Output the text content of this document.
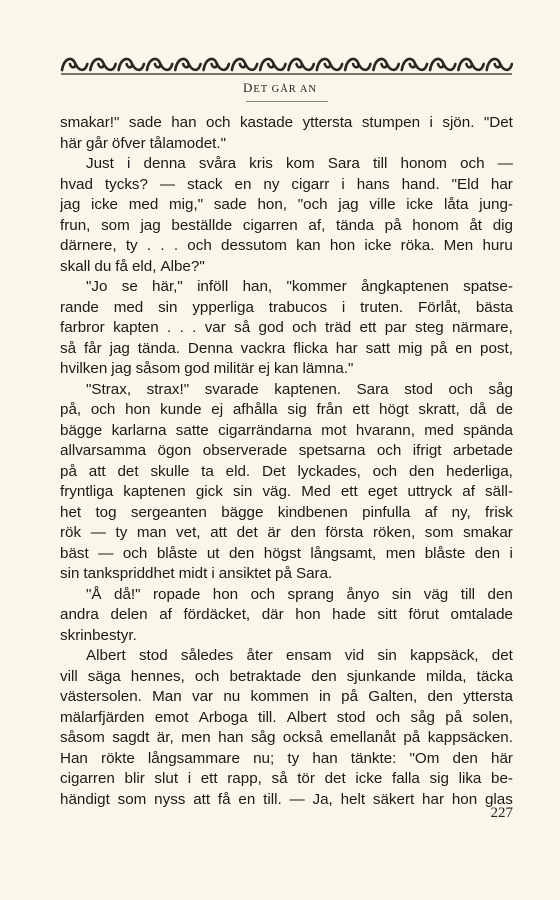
DET GÅR AN
smakar!" sade han och kastade yttersta stumpen i sjön. "Det
här går öfver tålamodet."
Just i denna svåra kris kom Sara till honom och —
hvad tycks? — stack en ny cigarr i hans hand. "Eld har
jag icke med mig," sade hon, "och jag ville icke låta jung-
frun, som jag beställde cigarren af, tända på honom åt dig
därnere, ty . . . och dessutom kan hon icke röka. Men huru
skall du få eld, Albe?"
"Jo se här," inföll han, "kommer ångkaptenen spatse-
rande med sin ypperliga trabucos i truten. Förlåt, bästa
farbror kapten . . . var så god och träd ett par steg närmare,
så får jag tända. Denna vackra flicka har satt mig på en post,
hvilken jag såsom god militär ej kan lämna."
"Strax, strax!" svarade kaptenen. Sara stod och såg
på, och hon kunde ej afhålla sig från ett högt skratt, då de
bägge karlarna satte cigarrändarna mot hvarann, med spända
allvarsamma ögon observerade spetsarna och ifrigt arbetade
på att det skulle ta eld. Det lyckades, och den hederliga,
fryntliga kaptenen gick sin väg. Med ett eget uttryck af säll-
het tog sergeanten bägge kindbenen pinfulla af ny, frisk
rök — ty man vet, att det är den första röken, som smakar
bäst — och blåste ut den högst långsamt, men blåste den i
sin tankspriddhet midt i ansiktet på Sara.
"Å då!" ropade hon och sprang ånyo sin väg till den
andra delen af fördäcket, där hon hade sitt förut omtalade
skrinbestyr.
Albert stod således åter ensam vid sin kappsäck, det
vill säga hennes, och betraktade den sjunkande milda, täcka
västersolen. Man var nu kommen in på Galten, den yttersta
mälarfjärden emot Arboga till. Albert stod och såg på solen,
såsom sagdt är, men han såg också emellanåt på kappsäcken.
Han rökte långsammare nu; ty han tänkte: "Om den här
cigarren blir slut i ett rapp, så tör det icke falla sig lika be-
händigt som nyss att få en till. — Ja, helt säkert har hon glas
227
